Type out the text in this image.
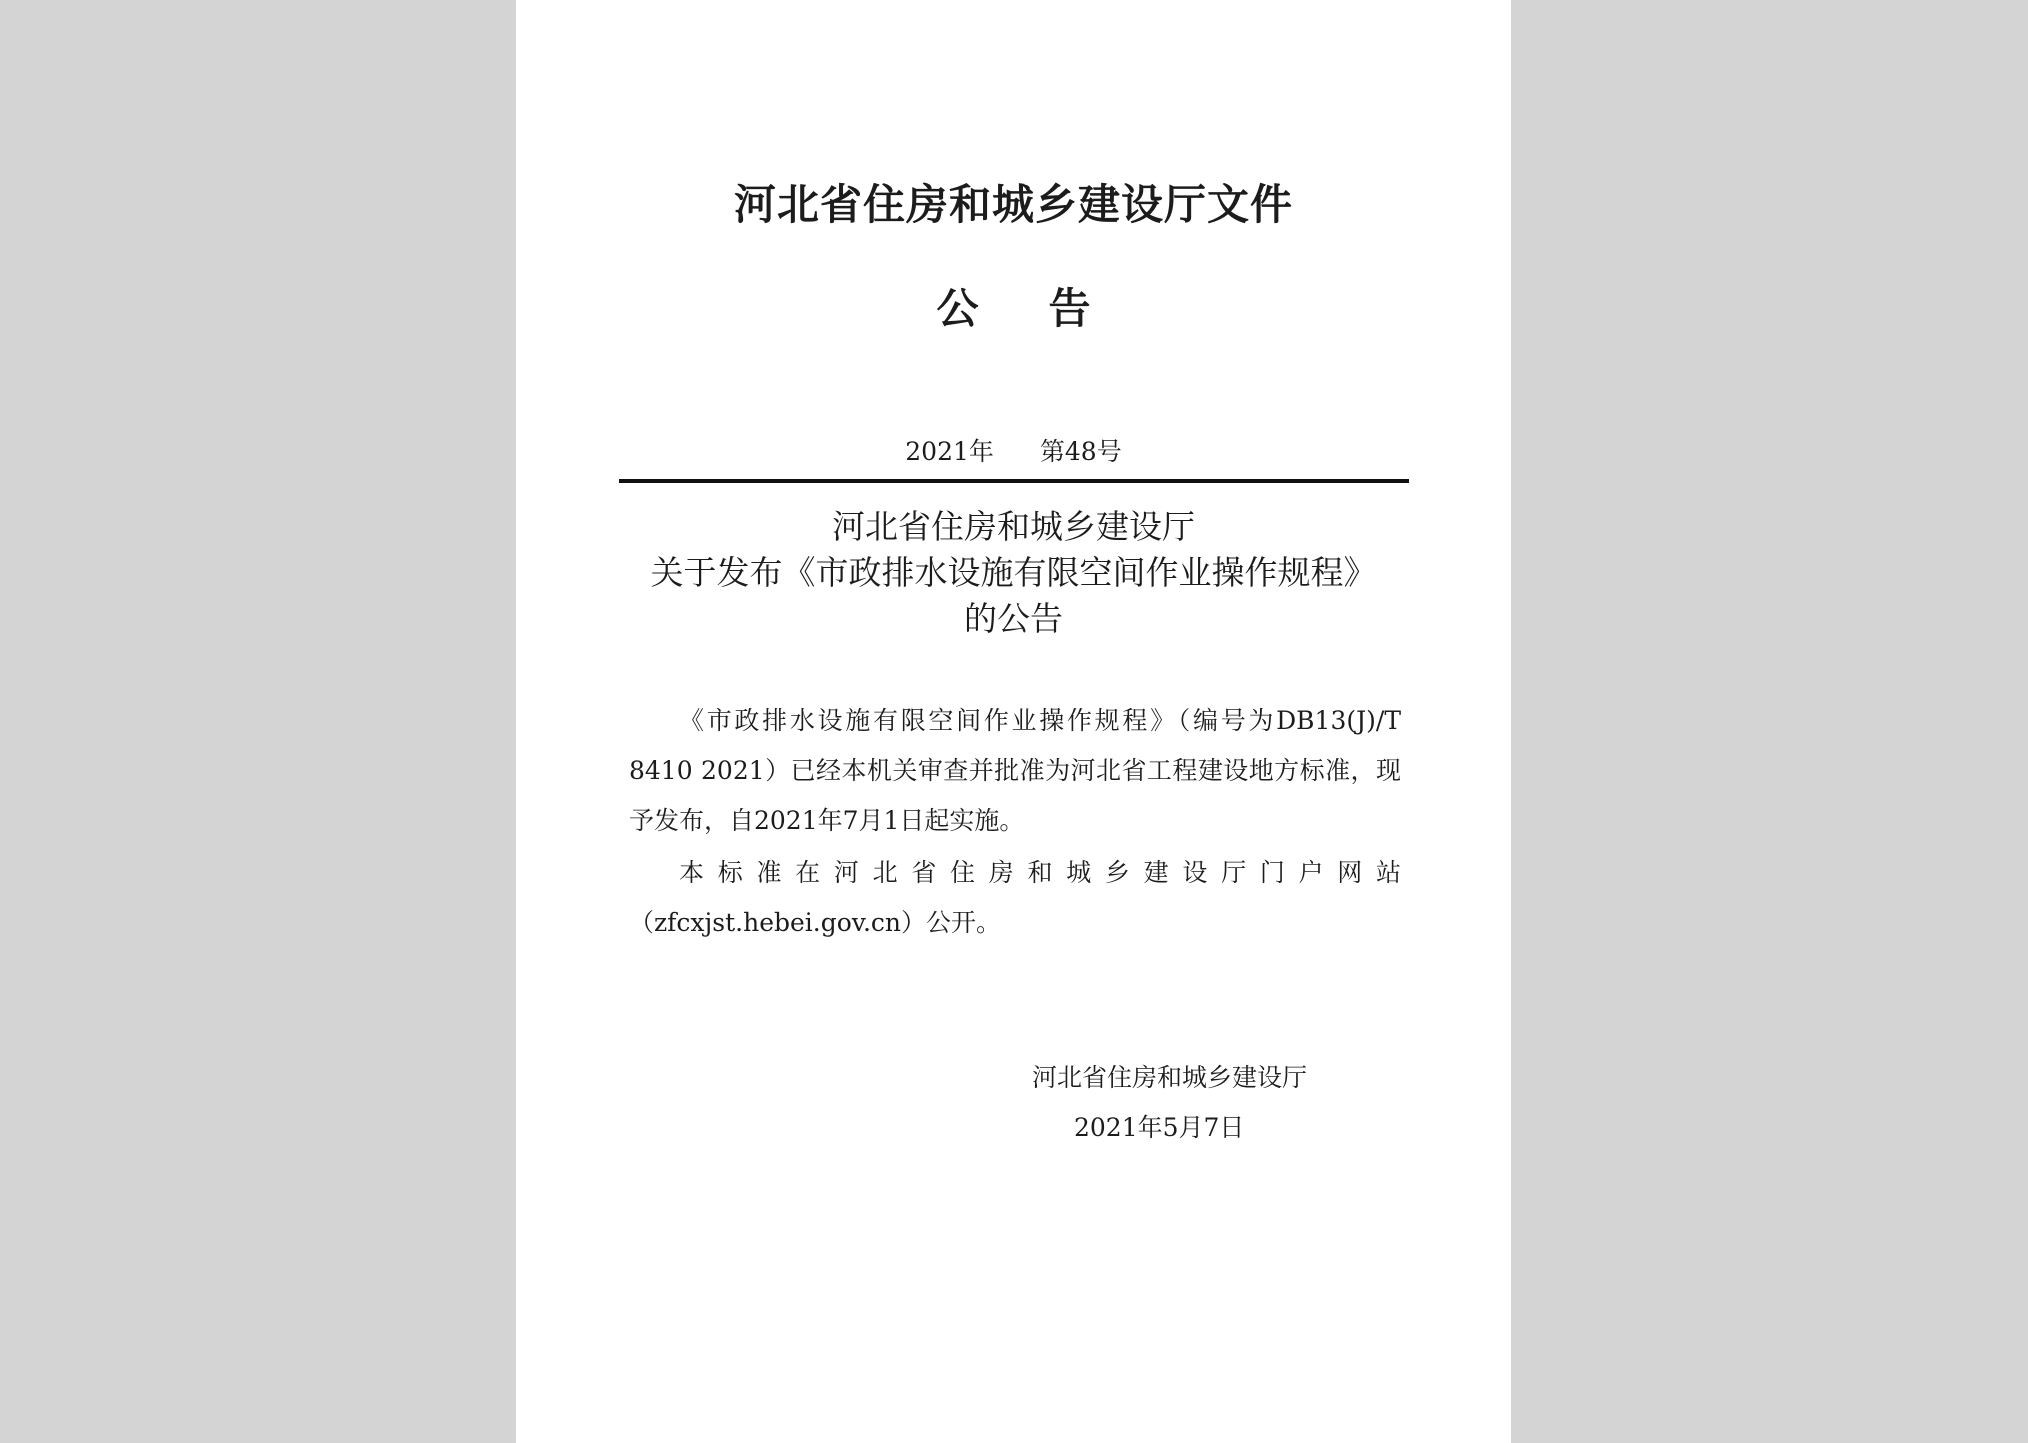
河北省住房和城乡建设厅文件
公 告
2021年 第48号
河北省住房和城乡建设厅
关于发布《市政排水设施有限空间作业操作规程》
的公告
《市政排水设施有限空间作业操作规程》（编号为DB13(J)/T 8410 2021）已经本机关审查并批准为河北省工程建设地方标准，现予发布，自2021年7月1日起实施。
本标准在河北省住房和城乡建设厅门户网站（zfcxjst.hebei.gov.cn）公开。
河北省住房和城乡建设厅
2021年5月7日
